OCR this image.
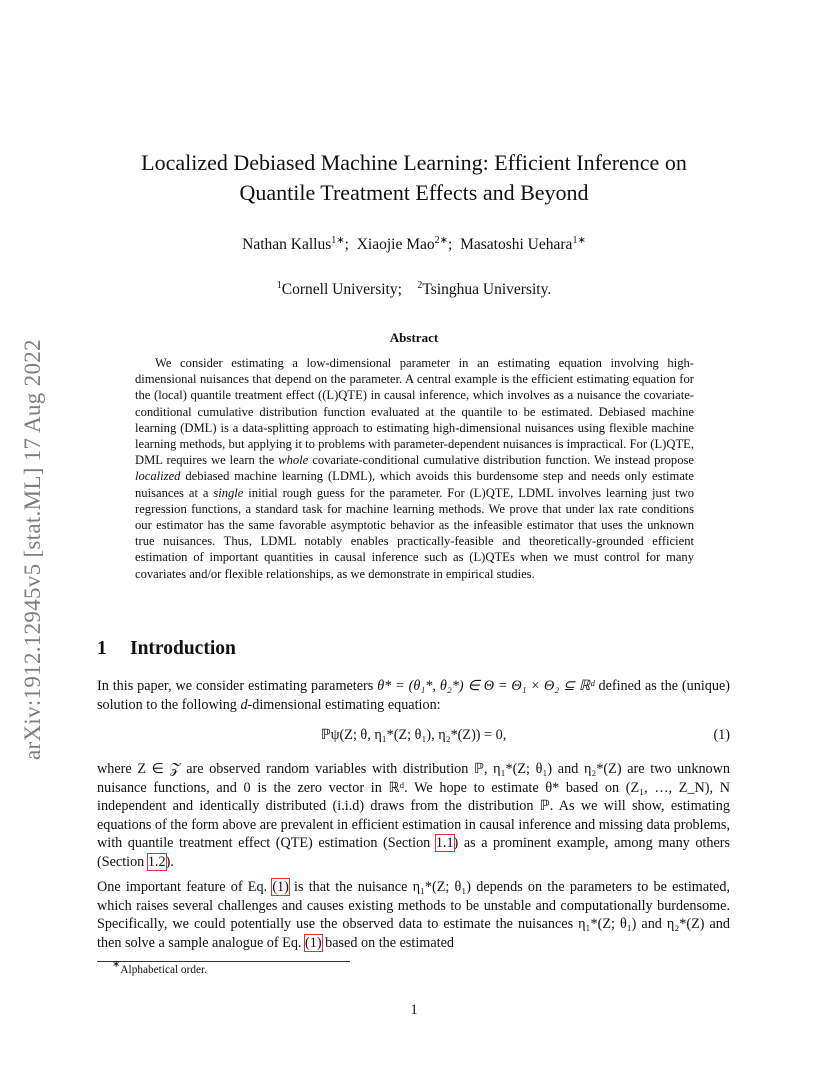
arXiv:1912.12945v5 [stat.ML] 17 Aug 2022
Localized Debiased Machine Learning: Efficient Inference on
Quantile Treatment Effects and Beyond
Nathan Kallus$^{1∗}$;  Xiaojie Mao$^{2∗}$;  Masatoshi Uehara$^{1∗}$
$^1$Cornell University; $^2$Tsinghua University.
Abstract
We consider estimating a low-dimensional parameter in an estimating equation involving high-dimensional nuisances that depend on the parameter. A central example is the efficient estimating equation for the (local) quantile treatment effect ((L)QTE) in causal inference, which involves as a nuisance the covariate-conditional cumulative distribution function evaluated at the quantile to be estimated. Debiased machine learning (DML) is a data-splitting approach to estimating high-dimensional nuisances using flexible machine learning methods, but applying it to problems with parameter-dependent nuisances is impractical. For (L)QTE, DML requires we learn the whole covariate-conditional cumulative distribution function. We instead propose localized debiased machine learning (LDML), which avoids this burdensome step and needs only estimate nuisances at a single initial rough guess for the parameter. For (L)QTE, LDML involves learning just two regression functions, a standard task for machine learning methods. We prove that under lax rate conditions our estimator has the same favorable asymptotic behavior as the infeasible estimator that uses the unknown true nuisances. Thus, LDML notably enables practically-feasible and theoretically-grounded efficient estimation of important quantities in causal inference such as (L)QTEs when we must control for many covariates and/or flexible relationships, as we demonstrate in empirical studies.
1 Introduction
In this paper, we consider estimating parameters θ* = (θ₁*, θ₂*) ∈ Θ = Θ₁ × Θ₂ ⊆ ℝᵈ defined as the (unique) solution to the following d-dimensional estimating equation:
ℙψ(Z; θ, η₁*(Z; θ₁), η₂*(Z)) = 0,	(1)
where Z ∈ 𝒵 are observed random variables with distribution ℙ, η₁*(Z; θ₁) and η₂*(Z) are two unknown nuisance functions, and 0 is the zero vector in ℝᵈ. We hope to estimate θ* based on (Z₁, …, Z_N), N independent and identically distributed (i.i.d) draws from the distribution ℙ. As we will show, estimating equations of the form above are prevalent in efficient estimation in causal inference and missing data problems, with quantile treatment effect (QTE) estimation (Section 1.1) as a prominent example, among many others (Section 1.2).
One important feature of Eq. (1) is that the nuisance η₁*(Z; θ₁) depends on the parameters to be estimated, which raises several challenges and causes existing methods to be unstable and computationally burdensome. Specifically, we could potentially use the observed data to estimate the nuisances η₁*(Z; θ₁) and η₂*(Z) and then solve a sample analogue of Eq. (1) based on the estimated
∗Alphabetical order.
1
